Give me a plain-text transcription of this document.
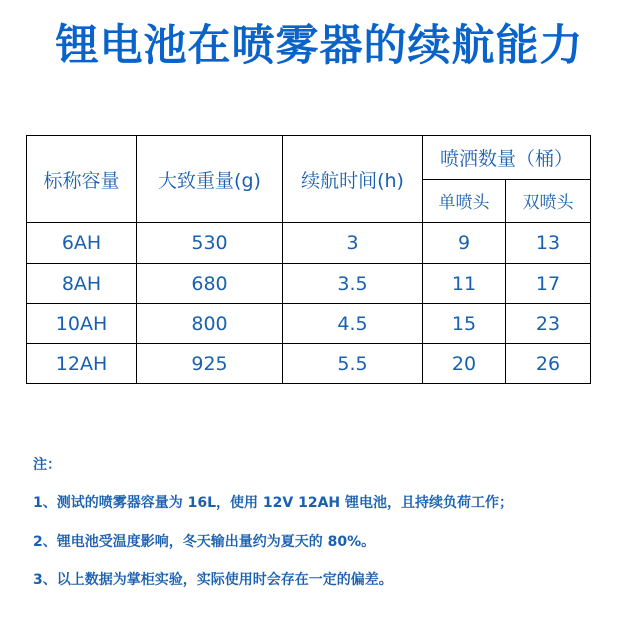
锂电池在喷雾器的续航能力
标称容量	大致重量(g)	续航时间(h)	喷洒数量（桶）	
			单喷头	双喷头
6AH	530	3	9	13
8AH	680	3.5	11	17
10AH	800	4.5	15	23
12AH	925	5.5	20	26
注：
1、测试的喷雾器容量为 16L，使用 12V 12AH 锂电池，且持续负荷工作；
2、锂电池受温度影响，冬天输出量约为夏天的 80%。
3、以上数据为掌柜实验，实际使用时会存在一定的偏差。
